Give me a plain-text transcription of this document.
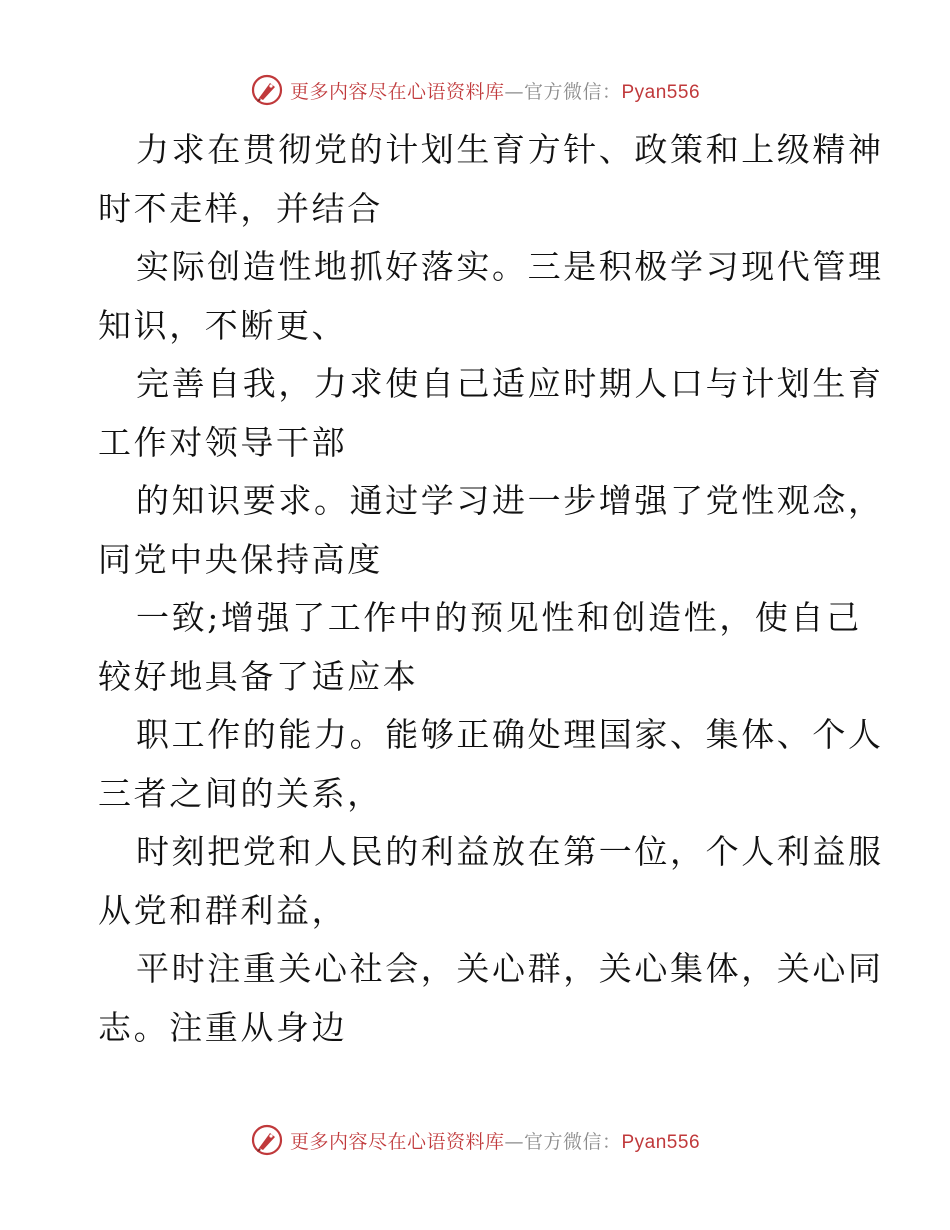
更多内容尽在心语资料库—官方微信：Pyan556
力求在贯彻党的计划生育方针、政策和上级精神
时不走样，并结合
实际创造性地抓好落实。三是积极学习现代管理
知识，不断更、
完善自我，力求使自己适应时期人口与计划生育
工作对领导干部
的知识要求。通过学习进一步增强了党性观念，
同党中央保持高度
一致;增强了工作中的预见性和创造性，使自己
较好地具备了适应本
职工作的能力。能够正确处理国家、集体、个人
三者之间的关系，
时刻把党和人民的利益放在第一位，个人利益服
从党和群利益，
平时注重关心社会，关心群，关心集体，关心同
志。注重从身边
更多内容尽在心语资料库—官方微信：Pyan556
